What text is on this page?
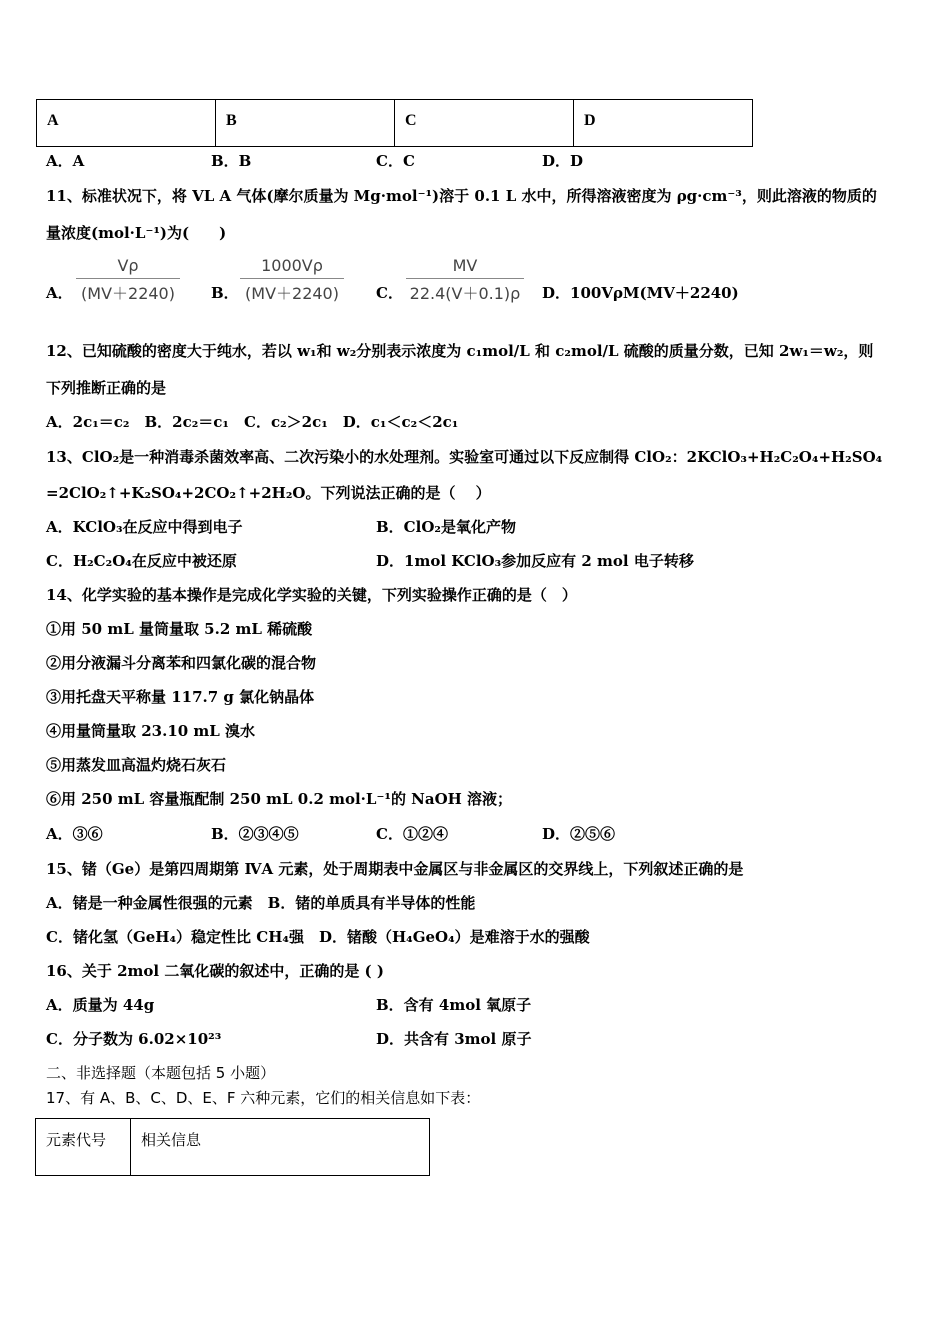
A	B	C	D
A．A	B．B	C．C	D．D
11、标准状况下，将 VL A 气体(摩尔质量为 Mg·mol⁻¹)溶于 0.1 L 水中，所得溶液密度为 ρg·cm⁻³，则此溶液的物质的
量浓度(mol·L⁻¹)为(　　)
A． $\frac{V\rho}{(MV+2240)}$ B． $\frac{1000V\rho}{(MV+2240)}$ C． $\frac{MV}{22.4(V+0.1)\rho}$ D．100VρM(MV＋2240)
12、已知硫酸的密度大于纯水，若以 w₁和 w₂分别表示浓度为 c₁mol/L 和 c₂mol/L 硫酸的质量分数，已知 2w₁＝w₂，则
下列推断正确的是
A．2c₁＝c₂　B．2c₂＝c₁　C．c₂＞2c₁　D．c₁＜c₂＜2c₁
13、ClO₂是一种消毒杀菌效率高、二次污染小的水处理剂。实验室可通过以下反应制得 ClO₂：2KClO₃+H₂C₂O₄+H₂SO₄
=2ClO₂↑+K₂SO₄+2CO₂↑+2H₂O。下列说法正确的是（　 ）
A．KClO₃在反应中得到电子	B．ClO₂是氧化产物
C．H₂C₂O₄在反应中被还原	D．1mol KClO₃参加反应有 2 mol 电子转移
14、化学实验的基本操作是完成化学实验的关键，下列实验操作正确的是（　）
①用 50 mL 量筒量取 5.2 mL 稀硫酸
②用分液漏斗分离苯和四氯化碳的混合物
③用托盘天平称量 117.7 g 氯化钠晶体
④用量筒量取 23.10 mL 溴水
⑤用蒸发皿高温灼烧石灰石
⑥用 250 mL 容量瓶配制 250 mL 0.2 mol·L⁻¹的 NaOH 溶液；
A．③⑥	B．②③④⑤	C．①②④	D．②⑤⑥
15、锗（Ge）是第四周期第 ⅣA 元素，处于周期表中金属区与非金属区的交界线上，下列叙述正确的是
A．锗是一种金属性很强的元素　B．锗的单质具有半导体的性能
C．锗化氢（GeH₄）稳定性比 CH₄强　D．锗酸（H₄GeO₄）是难溶于水的强酸
16、关于 2mol 二氧化碳的叙述中，正确的是 ( )
A．质量为 44g	B．含有 4mol 氧原子
C．分子数为 6.02×10²³	D．共含有 3mol 原子
二、非选择题（本题包括 5 小题）
17、有 A、B、C、D、E、F 六种元素，它们的相关信息如下表：
元素代号	相关信息
